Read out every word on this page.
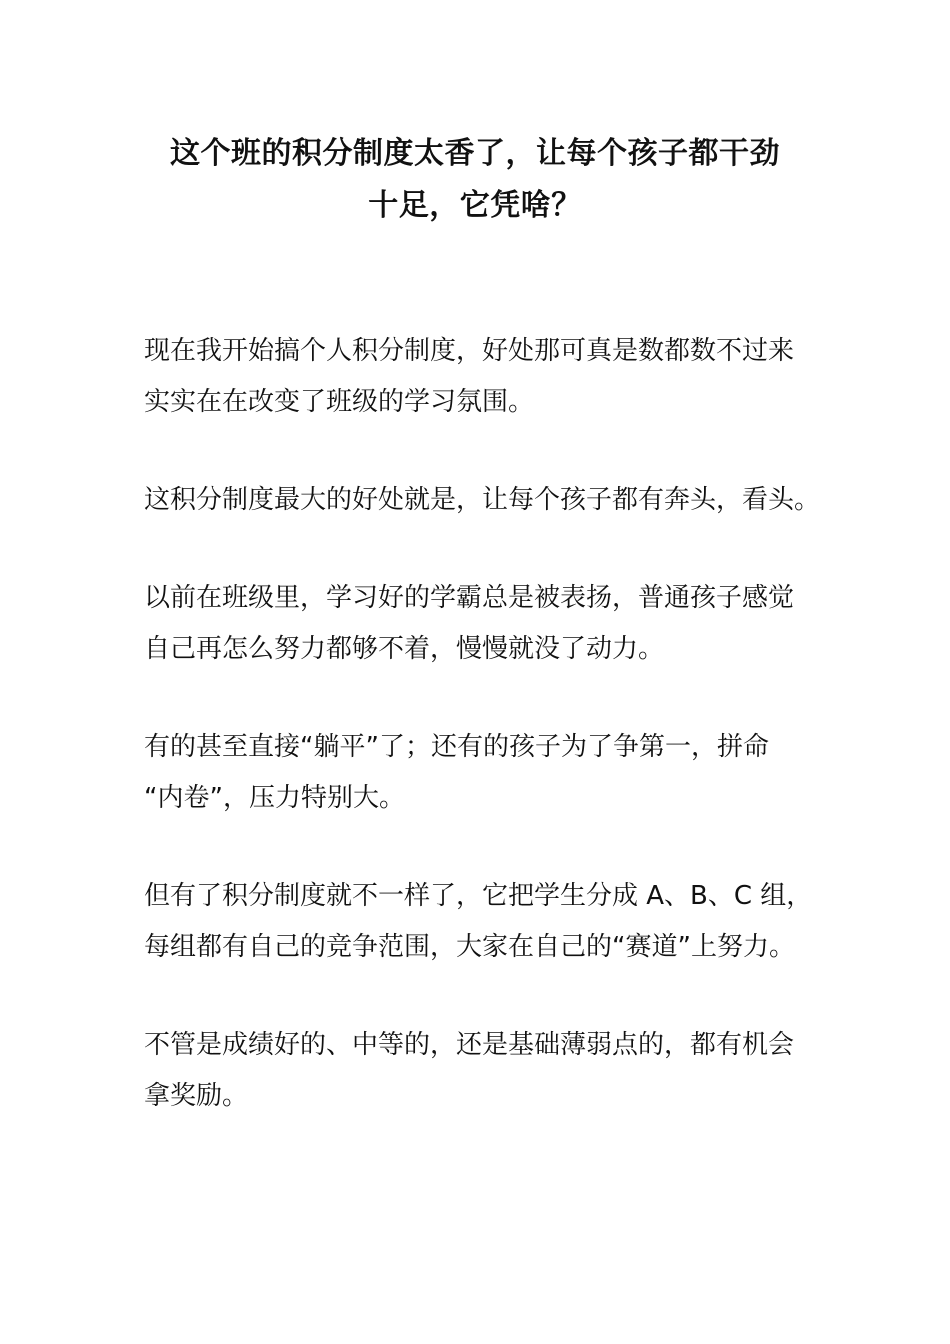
这个班的积分制度太香了，让每个孩子都干劲
十足，它凭啥？

现在我开始搞个人积分制度，好处那可真是数都数不过来
实实在在改变了班级的学习氛围。

这积分制度最大的好处就是，让每个孩子都有奔头，看头。

以前在班级里，学习好的学霸总是被表扬，普通孩子感觉
自己再怎么努力都够不着，慢慢就没了动力。

有的甚至直接“躺平”了；还有的孩子为了争第一，拼命
“内卷”，压力特别大。

但有了积分制度就不一样了，它把学生分成 A、B、C 组，
每组都有自己的竞争范围，大家在自己的“赛道”上努力。

不管是成绩好的、中等的，还是基础薄弱点的，都有机会
拿奖励。
